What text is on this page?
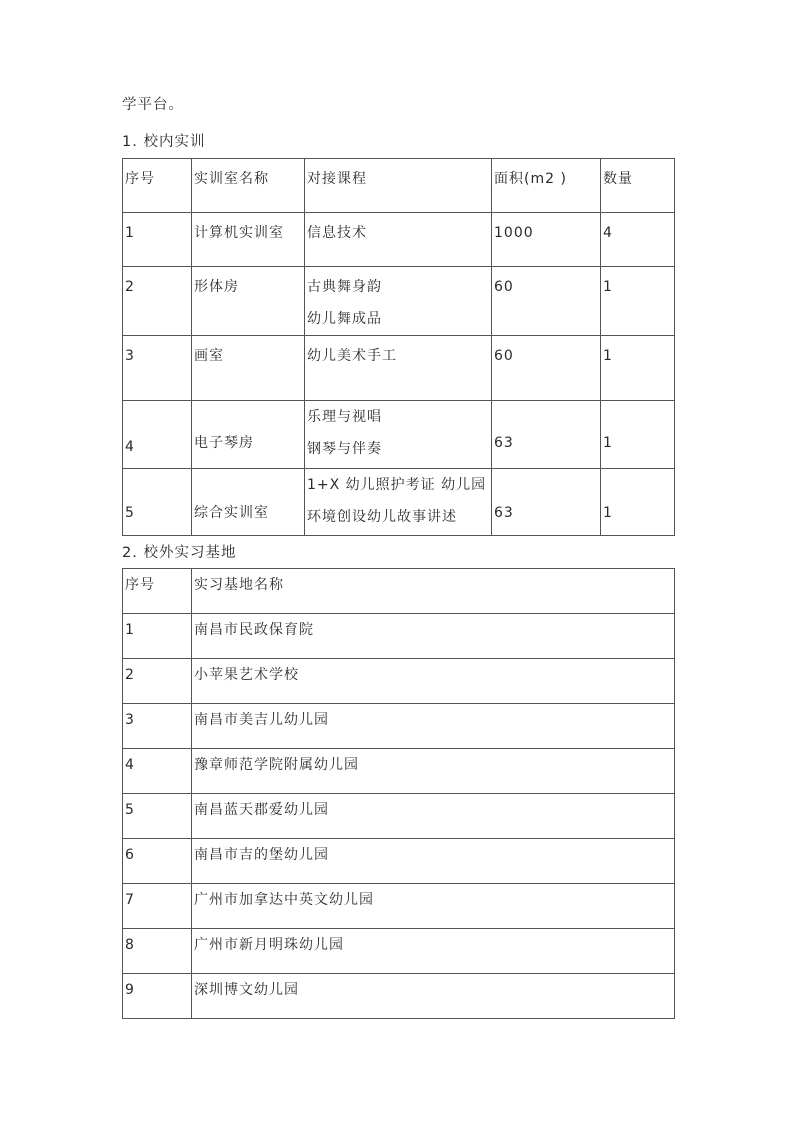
学平台。
1. 校内实训
序号	实训室名称	对接课程	面积(m2 )	数量

1	计算机实训室	信息技术	1000	4

2	形体房	古典舞身韵
幼儿舞成品	60	1

3	画室	幼儿美术手工	60	1

4	电子琴房	乐理与视唱
钢琴与伴奏	63	1

5	综合实训室	1+X 幼儿照护考证 幼儿园
环境创设幼儿故事讲述	63	1
2. 校外实习基地
序号	实习基地名称

1	南昌市民政保育院

2	小苹果艺术学校

3	南昌市美吉儿幼儿园

4	豫章师范学院附属幼儿园

5	南昌蓝天郡爱幼儿园

6	南昌市吉的堡幼儿园

7	广州市加拿达中英文幼儿园

8	广州市新月明珠幼儿园

9	深圳博文幼儿园
